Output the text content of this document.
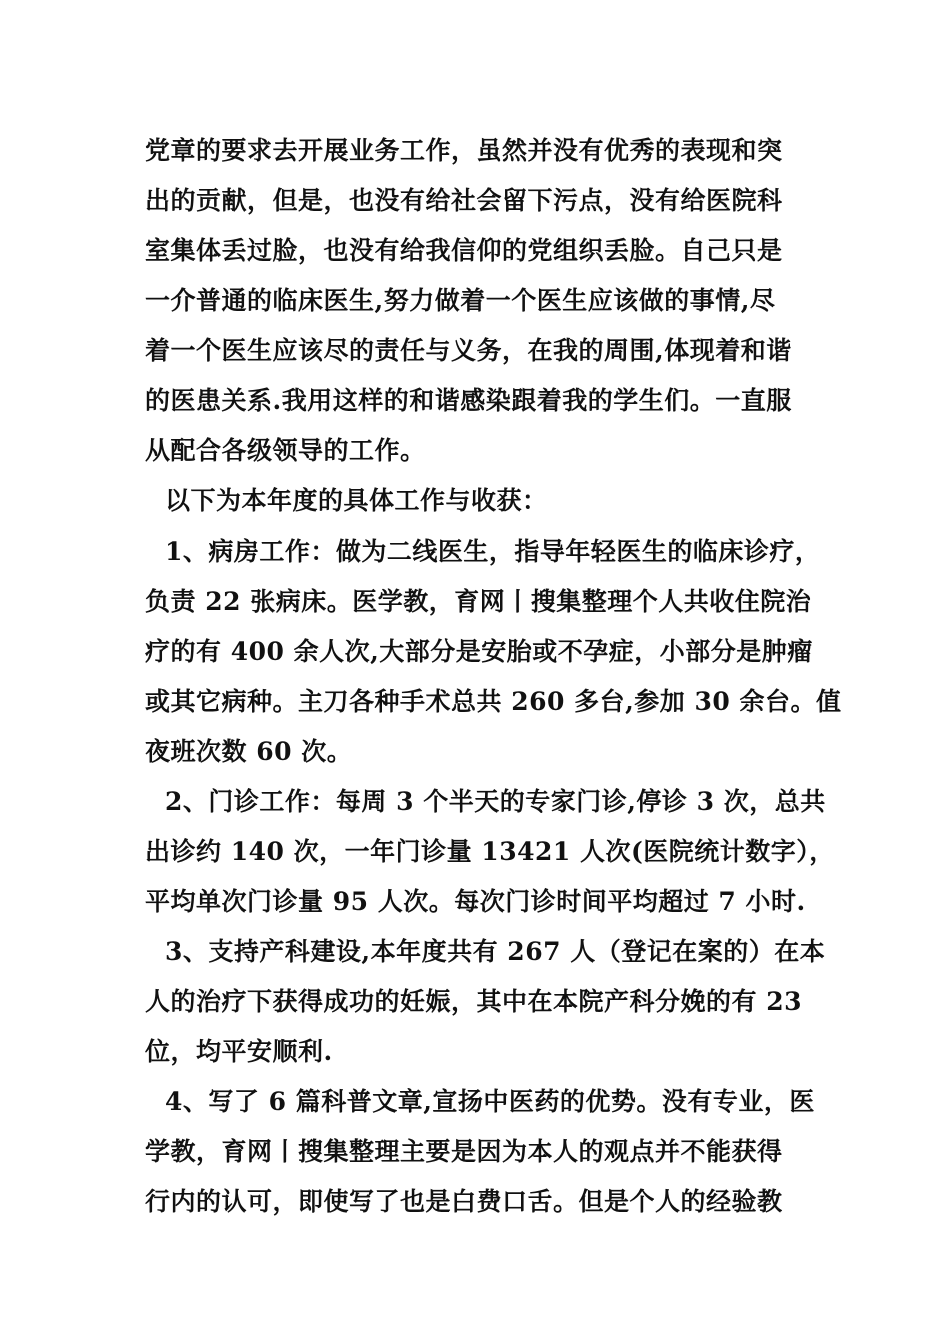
党章的要求去开展业务工作，虽然并没有优秀的表现和突
出的贡献，但是，也没有给社会留下污点，没有给医院科
室集体丢过脸，也没有给我信仰的党组织丢脸。自己只是
一介普通的临床医生,努力做着一个医生应该做的事情,尽
着一个医生应该尽的责任与义务，在我的周围,体现着和谐
的医患关系.我用这样的和谐感染跟着我的学生们。一直服
从配合各级领导的工作。
以下为本年度的具体工作与收获：
1、病房工作：做为二线医生，指导年轻医生的临床诊疗，
负责 22 张病床。医学教，育网丨搜集整理个人共收住院治
疗的有 400 余人次,大部分是安胎或不孕症，小部分是肿瘤
或其它病种。主刀各种手术总共 260 多台,参加 30 余台。值
夜班次数 60 次。
2、门诊工作：每周 3 个半天的专家门诊,停诊 3 次，总共
出诊约 140 次，一年门诊量 13421 人次(医院统计数字），
平均单次门诊量 95 人次。每次门诊时间平均超过 7 小时.
3、支持产科建设,本年度共有 267 人（登记在案的）在本
人的治疗下获得成功的妊娠，其中在本院产科分娩的有 23
位，均平安顺利.
4、写了 6 篇科普文章,宣扬中医药的优势。没有专业，医
学教，育网丨搜集整理主要是因为本人的观点并不能获得
行内的认可，即使写了也是白费口舌。但是个人的经验教
